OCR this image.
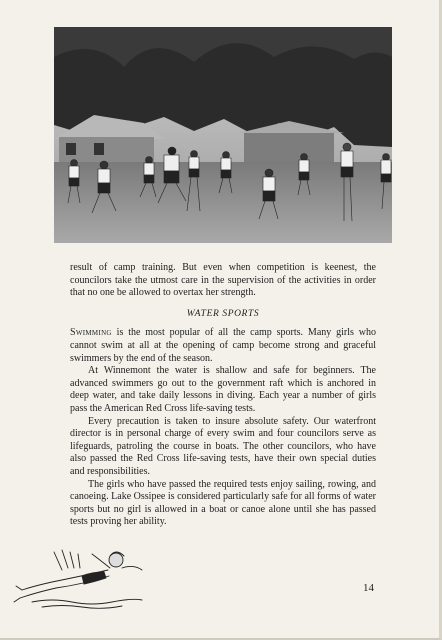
result of camp training. But even when competition is keenest, the councilors take the utmost care in the supervision of the activities in order that no one be allowed to overtax her strength.

WATER SPORTS

Swimming is the most popular of all the camp sports. Many girls who cannot swim at all at the opening of camp become strong and graceful swimmers by the end of the season.

At Winnemont the water is shallow and safe for beginners. The advanced swimmers go out to the government raft which is anchored in deep water, and take daily lessons in diving. Each year a number of girls pass the American Red Cross life-saving tests.

Every precaution is taken to insure absolute safety. Our waterfront director is in personal charge of every swim and four councilors serve as lifeguards, patroling the course in boats. The other councilors, who have also passed the Red Cross life-saving tests, have their own special duties and responsibilities.

The girls who have passed the required tests enjoy sailing, rowing, and canoeing. Lake Ossipee is considered particularly safe for all forms of water sports but no girl is allowed in a boat or canoe alone until she has passed tests proving her ability.

14
